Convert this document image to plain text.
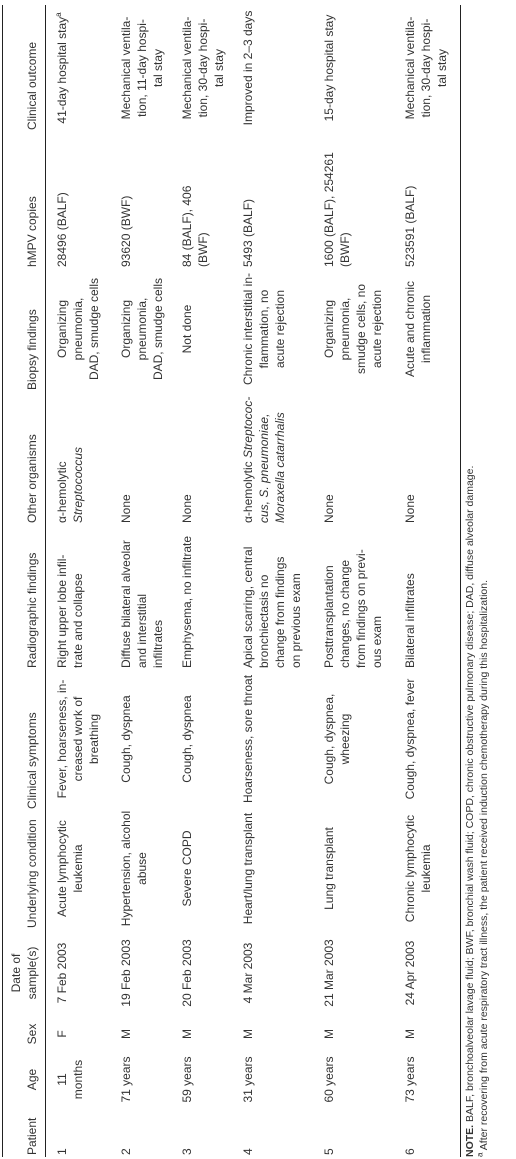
Patient
Age
Sex
Date of sample(s)
Underlying condition
Clinical symptoms
Radiographic findings
Other organisms
Biopsy findings
hMPV copies
Clinical outcome
1
11 months
F
7 Feb 2003
Acute lymphocytic leukemia
Fever, hoarseness, in- creased work of breathing
Right upper lobe infil- trate and collapse
α-hemolytic Streptococcus
Organizing pneumonia, DAD, smudge cells
28496 (BALF)
41-day hospital stay$^a$
2
71 years
M
19 Feb 2003
Hypertension, alcohol abuse
Cough, dyspnea
Diffuse bilateral alveolar and interstitial infiltrates
None
Organizing pneumonia, DAD, smudge cells
93620 (BWF)
Mechanical ventila- tion, 11-day hospi- tal stay
3
59 years
M
20 Feb 2003
Severe COPD
Cough, dyspnea
Emphysema, no infiltrate
None
Not done
84 (BALF), 406 (BWF)
Mechanical ventila- tion, 30-day hospi- tal stay
4
31 years
M
4 Mar 2003
Heart/lung transplant
Hoarseness, sore throat
Apical scarring, central bronchiectasis no change from findings on previous exam
α-hemolytic Streptococ- cus, S. pneumoniae, Moraxella catarrhalis
Chronic interstitial in- flammation, no acute rejection
5493 (BALF)
Improved in 2–3 days
5
60 years
M
21 Mar 2003
Lung transplant
Cough, dyspnea, wheezing
Posttransplantation changes, no change from findings on previ- ous exam
None
Organizing pneumonia, smudge cells, no acute rejection
1600 (BALF), 254261 (BWF)
15-day hospital stay
6
73 years
M
24 Apr 2003
Chronic lymphocytic leukemia
Cough, dyspnea, fever
Bilateral infiltrates
None
Acute and chronic inflammation
523591 (BALF)
Mechanical ventila- tion, 30-day hospi- tal stay
NOTE. BALF, bronchoalveolar lavage fluid; BWF, bronchial wash fluid; COPD, chronic obstructive pulmonary disease; DAD, diffuse alveolar damage.
$^a$ After recovering from acute respiratory tract illness, the patient received induction chemotherapy during this hospitalization.
